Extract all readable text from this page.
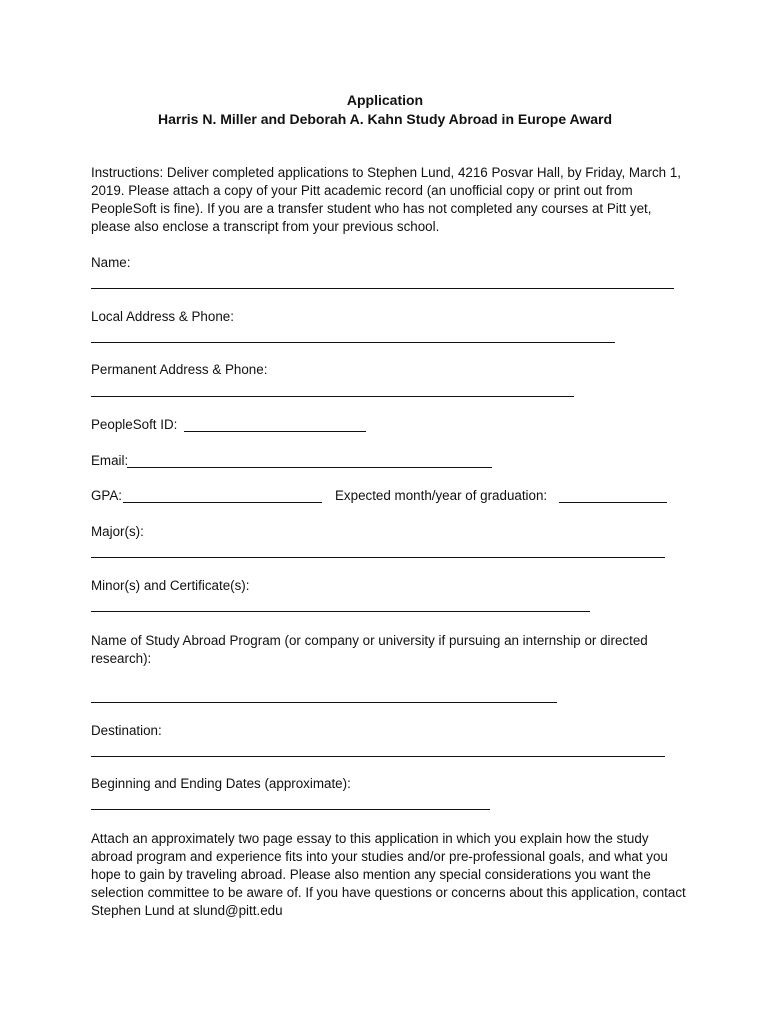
Application
Harris N. Miller and Deborah A. Kahn Study Abroad in Europe Award
Instructions: Deliver completed applications to Stephen Lund, 4216 Posvar Hall, by Friday, March 1, 2019. Please attach a copy of your Pitt academic record (an unofficial copy or print out from PeopleSoft is fine). If you are a transfer student who has not completed any courses at Pitt yet, please also enclose a transcript from your previous school.
Name:
Local Address & Phone:
Permanent Address & Phone:
PeopleSoft ID:
Email:
GPA:	Expected month/year of graduation:
Major(s):
Minor(s) and Certificate(s):
Name of Study Abroad Program (or company or university if pursuing an internship or directed research):
Destination:
Beginning and Ending Dates (approximate):
Attach an approximately two page essay to this application in which you explain how the study abroad program and experience fits into your studies and/or pre-professional goals, and what you hope to gain by traveling abroad. Please also mention any special considerations you want the selection committee to be aware of. If you have questions or concerns about this application, contact Stephen Lund at slund@pitt.edu
